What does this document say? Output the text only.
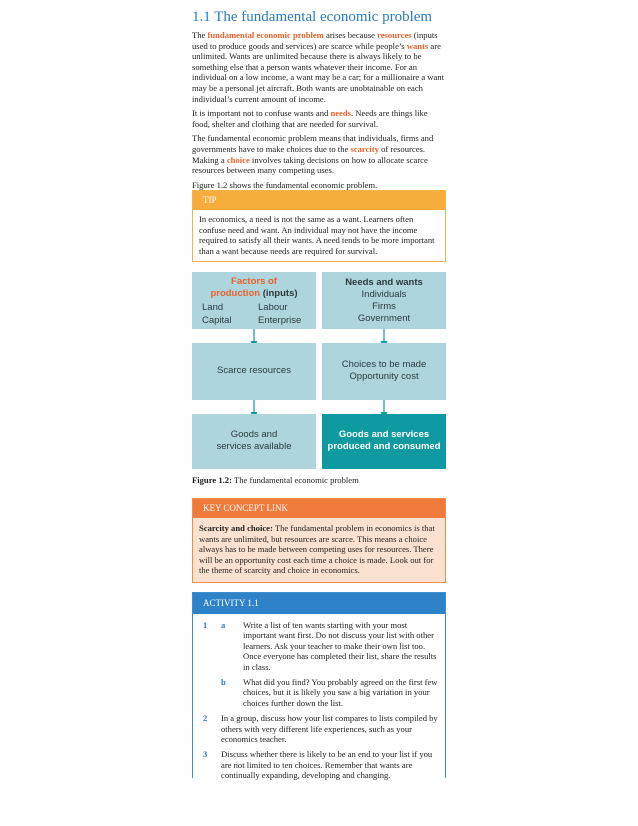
1.1 The fundamental economic problem

The fundamental economic problem arises because resources (inputs used to produce goods and services) are scarce while people’s wants are unlimited. Wants are unlimited because there is always likely to be something else that a person wants whatever their income. For an individual on a low income, a want may be a car; for a millionaire a want may be a personal jet aircraft. Both wants are unobtainable on each individual’s current amount of income.

It is important not to confuse wants and needs. Needs are things like food, shelter and clothing that are needed for survival.

The fundamental economic problem means that individuals, firms and governments have to make choices due to the scarcity of resources. Making a choice involves taking decisions on how to allocate scarce resources between many competing uses.

Figure 1.2 shows the fundamental economic problem.

TIP
In economics, a need is not the same as a want. Learners often confuse need and want. An individual may not have the income required to satisfy all their wants. A need tends to be more important than a want because needs are required for survival.
Factors of
production (inputs)
Land	Labour
Capital	Enterprise
Needs and wants
Individuals
Firms
Government
Scarce resources
Choices to be made
Opportunity cost
Goods and
services available
Goods and services
produced and consumed
Figure 1.2: The fundamental economic problem
KEY CONCEPT LINK
Scarcity and choice: The fundamental problem in economics is that wants are unlimited, but resources are scarce. This means a choice always has to be made between competing uses for resources. There will be an opportunity cost each time a choice is made. Look out for the theme of scarcity and choice in economics.
ACTIVITY 1.1
1 a Write a list of ten wants starting with your most important want first. Do not discuss your list with other learners. Ask your teacher to make their own list too. Once everyone has completed their list, share the results in class.
b What did you find? You probably agreed on the first few choices, but it is likely you saw a big variation in your choices further down the list.
2 In a group, discuss how your list compares to lists compiled by others with very different life experiences, such as your economics teacher.
3 Discuss whether there is likely to be an end to your list if you are not limited to ten choices. Remember that wants are continually expanding, developing and changing.
